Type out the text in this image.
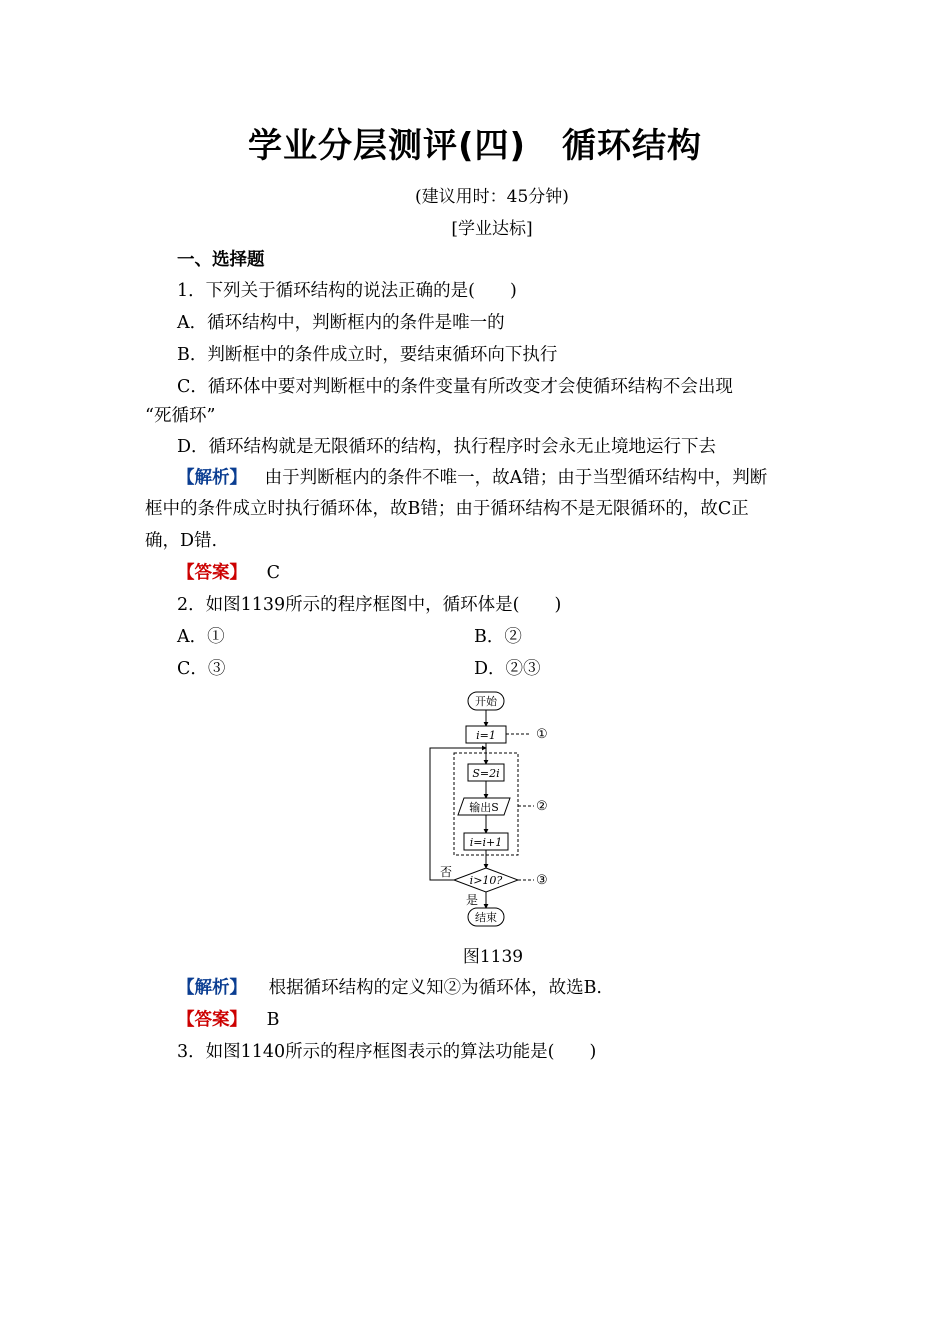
学业分层测评(四) 循环结构
(建议用时：45分钟)
[学业达标]
一、选择题
1．下列关于循环结构的说法正确的是(　　)
A．循环结构中，判断框内的条件是唯一的
B．判断框中的条件成立时，要结束循环向下执行
C．循环体中要对判断框中的条件变量有所改变才会使循环结构不会出现
“死循环”
D．循环结构就是无限循环的结构，执行程序时会永无止境地运行下去
【解析】 由于判断框内的条件不唯一，故A错；由于当型循环结构中，判断
框中的条件成立时执行循环体，故B错；由于循环结构不是无限循环的，故C正
确，D错.
【答案】 C
2．如图1139所示的程序框图中，循环体是(　　)
A．①	B．②
C．③	D．②③
开始
i=1	①
S=2i
输出S	②
i=i+1
i>10?	③
否
是
结束
图1139
【解析】 根据循环结构的定义知②为循环体，故选B.
【答案】 B
3．如图1140所示的程序框图表示的算法功能是(　　)
